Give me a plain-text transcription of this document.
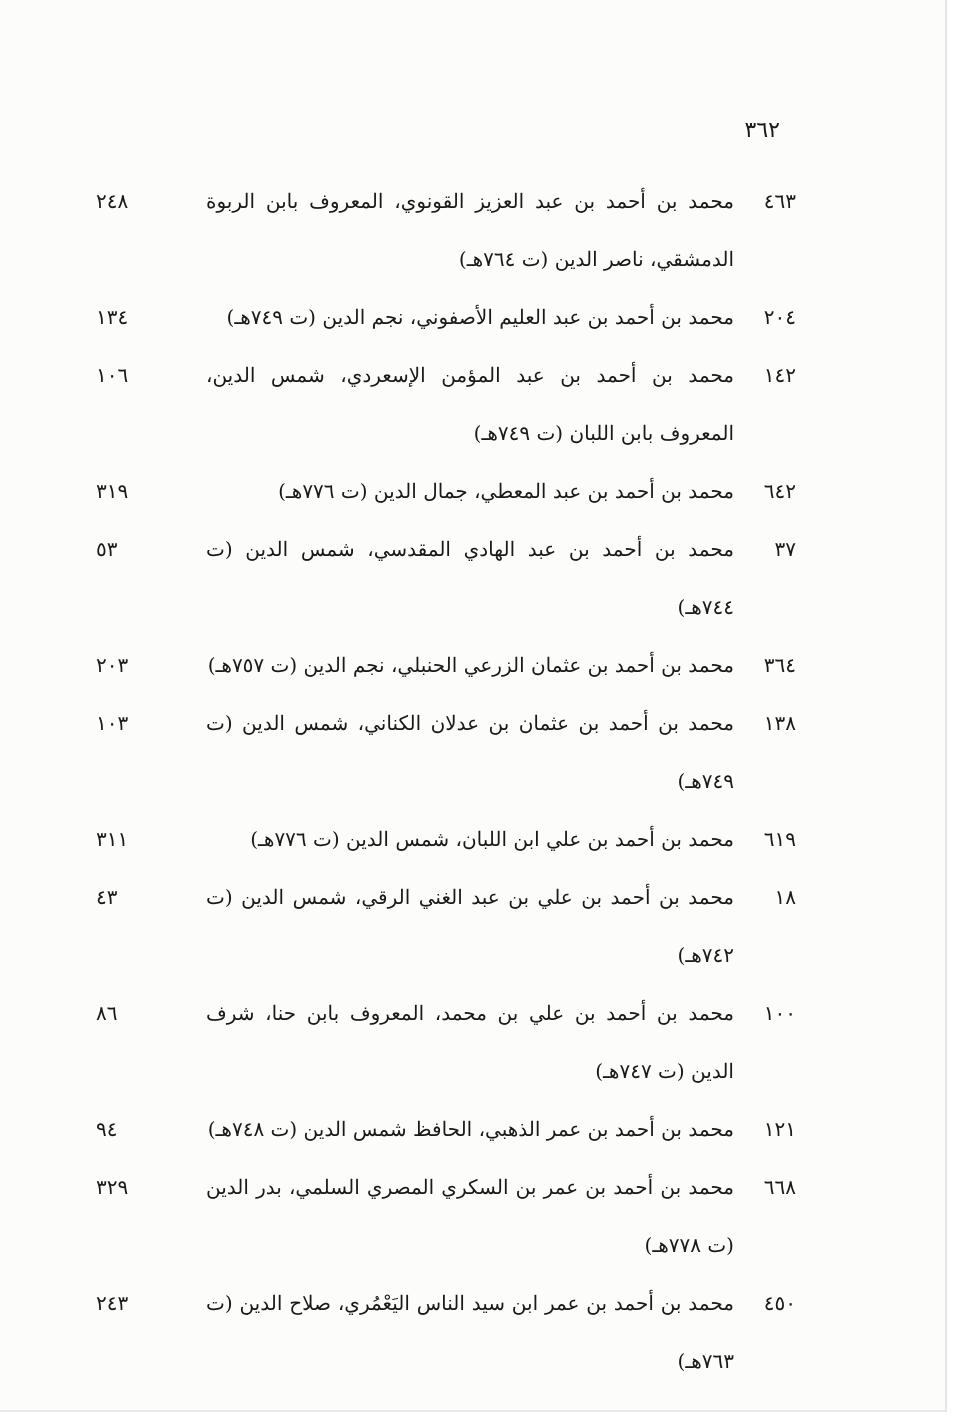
٣٦٢
٤٦٣
محمد بن أحمد بن عبد العزيز القونوي، المعروف بابن الربوة الدمشقي، ناصر الدين (ت ٧٦٤هـ)
٢٤٨
٢٠٤
محمد بن أحمد بن عبد العليم الأصفوني، نجم الدين (ت ٧٤٩هـ)
١٣٤
١٤٢
محمد بن أحمد بن عبد المؤمن الإسعردي، شمس الدين، المعروف بابن اللبان (ت ٧٤٩هـ)
١٠٦
٦٤٢
محمد بن أحمد بن عبد المعطي، جمال الدين (ت ٧٧٦هـ)
٣١٩
٣٧
محمد بن أحمد بن عبد الهادي المقدسي، شمس الدين (ت ٧٤٤هـ)
٥٣
٣٦٤
محمد بن أحمد بن عثمان الزرعي الحنبلي، نجم الدين (ت ٧٥٧هـ)
٢٠٣
١٣٨
محمد بن أحمد بن عثمان بن عدلان الكناني، شمس الدين (ت ٧٤٩هـ)
١٠٣
٦١٩
محمد بن أحمد بن علي ابن اللبان، شمس الدين (ت ٧٧٦هـ)
٣١١
١٨
محمد بن أحمد بن علي بن عبد الغني الرقي، شمس الدين (ت ٧٤٢هـ)
٤٣
١٠٠
محمد بن أحمد بن علي بن محمد، المعروف بابن حنا، شرف الدين (ت ٧٤٧هـ)
٨٦
١٢١
محمد بن أحمد بن عمر الذهبي، الحافظ شمس الدين (ت ٧٤٨هـ)
٩٤
٦٦٨
محمد بن أحمد بن عمر بن السكري المصري السلمي، بدر الدين (ت ٧٧٨هـ)
٣٢٩
٤٥٠
محمد بن أحمد بن عمر ابن سيد الناس اليَعْمُري، صلاح الدين (ت ٧٦٣هـ)
٢٤٣
